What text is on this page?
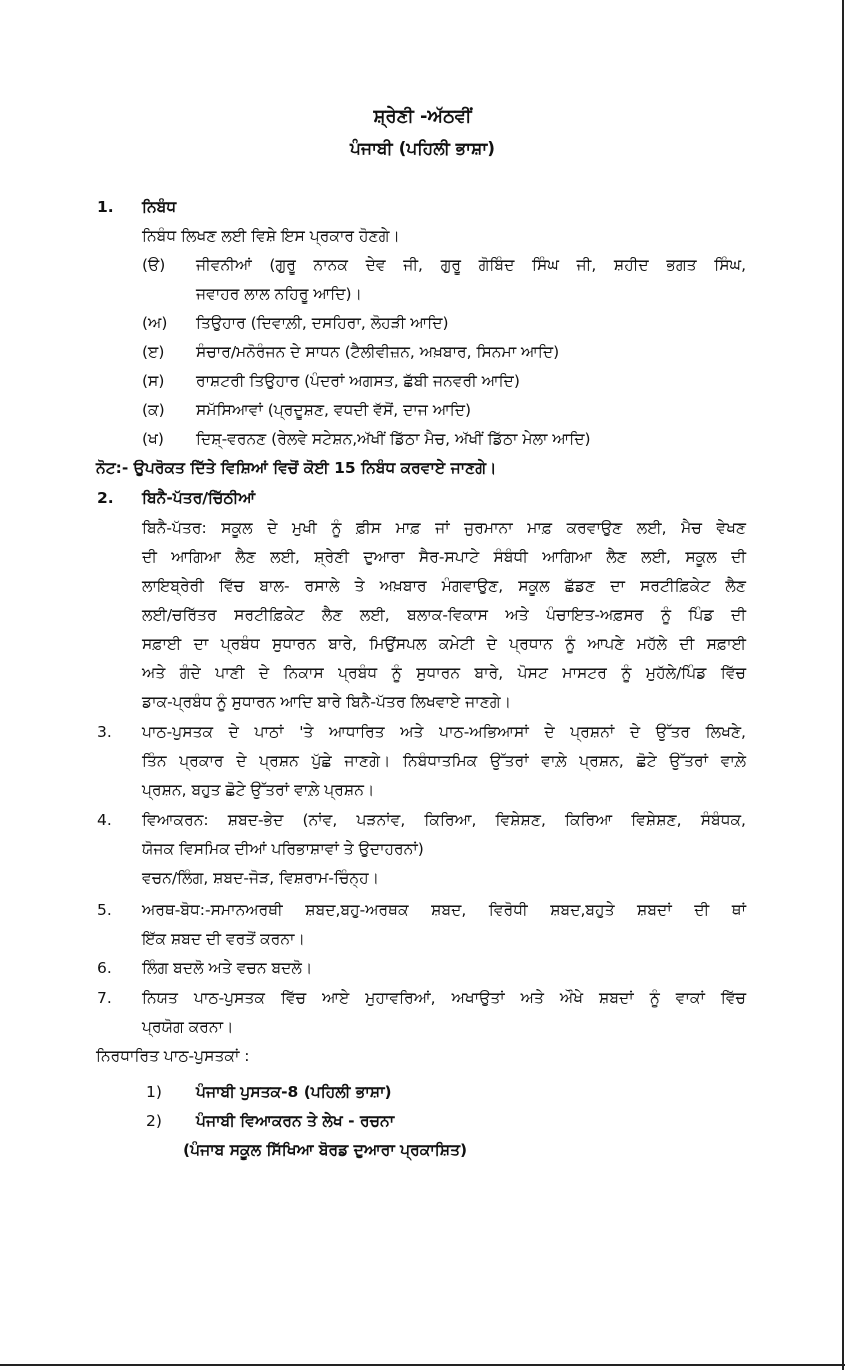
ਸ਼੍ਰੇਣੀ -ਅੱਠਵੀਂ
ਪੰਜਾਬੀ (ਪਹਿਲੀ ਭਾਸ਼ਾ)
1. ਨਿਬੰਧ
ਨਿਬੰਧ ਲਿਖਣ ਲਈ ਵਿਸ਼ੇ ਇਸ ਪ੍ਰਕਾਰ ਹੋਣਗੇ।
(ੳ) ਜੀਵਨੀਆਂ (ਗੁਰੂ ਨਾਨਕ ਦੇਵ ਜੀ, ਗੁਰੂ ਗੋਬਿੰਦ ਸਿੰਘ ਜੀ, ਸ਼ਹੀਦ ਭਗਤ ਸਿੰਘ,
ਜਵਾਹਰ ਲਾਲ ਨਹਿਰੂ ਆਦਿ)।
(ਅ) ਤਿਉਹਾਰ (ਦਿਵਾਲ਼ੀ, ਦਸਹਿਰਾ, ਲੋਹੜੀ ਆਦਿ)
(ੲ) ਸੰਚਾਰ/ਮਨੋਰੰਜਨ ਦੇ ਸਾਧਨ (ਟੈਲੀਵੀਜ਼ਨ, ਅਖ਼ਬਾਰ, ਸਿਨਮਾ ਆਦਿ)
(ਸ) ਰਾਸ਼ਟਰੀ ਤਿਉਹਾਰ (ਪੰਦਰਾਂ ਅਗਸਤ, ਛੱਬੀ ਜਨਵਰੀ ਆਦਿ)
(ਕ) ਸਮੱਸਿਆਵਾਂ (ਪ੍ਰਦੂਸ਼ਣ, ਵਧਦੀ ਵੱਸੋਂ, ਦਾਜ ਆਦਿ)
(ਖ) ਦਿਸ਼੍-ਵਰਨਣ (ਰੇਲਵੇ ਸਟੇਸ਼ਨ,ਅੱਖੀਂ ਡਿੱਠਾ ਮੈਚ, ਅੱਖੀਂ ਡਿੱਠਾ ਮੇਲਾ ਆਦਿ)
ਨੋਟ:- ਉਪਰੋਕਤ ਦਿੱਤੇ ਵਿਸ਼ਿਆਂ ਵਿਚੋਂ ਕੋਈ 15 ਨਿਬੰਧ ਕਰਵਾਏ ਜਾਣਗੇ।
2. ਬਿਨੈ-ਪੱਤਰ/ਚਿੱਠੀਆਂ
ਬਿਨੈ-ਪੱਤਰ: ਸਕੂਲ ਦੇ ਮੁਖੀ ਨੂੰ ਫ਼ੀਸ ਮਾਫ਼ ਜਾਂ ਜੁਰਮਾਨਾ ਮਾਫ਼ ਕਰਵਾਉਣ ਲਈ, ਮੈਚ ਵੇਖਣ
ਦੀ ਆਗਿਆ ਲੈਣ ਲਈ, ਸ਼੍ਰੇਣੀ ਦੁਆਰਾ ਸੈਰ-ਸਪਾਟੇ ਸੰਬੰਧੀ ਆਗਿਆ ਲੈਣ ਲਈ, ਸਕੂਲ ਦੀ
ਲਾਇਬ੍ਰੇਰੀ ਵਿੱਚ ਬਾਲ- ਰਸਾਲੇ ਤੇ ਅਖ਼ਬਾਰ ਮੰਗਵਾਉਣ, ਸਕੂਲ ਛੱਡਣ ਦਾ ਸਰਟੀਫ਼ਿਕੇਟ ਲੈਣ
ਲਈ/ਚਰਿੱਤਰ ਸਰਟੀਫ਼ਿਕੇਟ ਲੈਣ ਲਈ, ਬਲਾਕ-ਵਿਕਾਸ ਅਤੇ ਪੰਚਾਇਤ-ਅਫ਼ਸਰ ਨੂੰ ਪਿੰਡ ਦੀ
ਸਫ਼ਾਈ ਦਾ ਪ੍ਰਬੰਧ ਸੁਧਾਰਨ ਬਾਰੇ, ਮਿਉਂਸਪਲ ਕਮੇਟੀ ਦੇ ਪ੍ਰਧਾਨ ਨੂੰ ਆਪਣੇ ਮਹੱਲੇ ਦੀ ਸਫ਼ਾਈ
ਅਤੇ ਗੰਦੇ ਪਾਣੀ ਦੇ ਨਿਕਾਸ ਪ੍ਰਬੰਧ ਨੂੰ ਸੁਧਾਰਨ ਬਾਰੇ, ਪੋਸਟ ਮਾਸਟਰ ਨੂੰ ਮੁਹੱਲੇ/ਪਿੰਡ ਵਿੱਚ
ਡਾਕ-ਪ੍ਰਬੰਧ ਨੂੰ ਸੁਧਾਰਨ ਆਦਿ ਬਾਰੇ ਬਿਨੈ-ਪੱਤਰ ਲਿਖਵਾਏ ਜਾਣਗੇ।
3. ਪਾਠ-ਪੁਸਤਕ ਦੇ ਪਾਠਾਂ 'ਤੇ ਆਧਾਰਿਤ ਅਤੇ ਪਾਠ-ਅਭਿਆਸਾਂ ਦੇ ਪ੍ਰਸ਼ਨਾਂ ਦੇ ਉੱਤਰ ਲਿਖਣੇ,
ਤਿੰਨ ਪ੍ਰਕਾਰ ਦੇ ਪ੍ਰਸ਼ਨ ਪੁੱਛੇ ਜਾਣਗੇ। ਨਿਬੰਧਾਤਮਿਕ ਉੱਤਰਾਂ ਵਾਲ਼ੇ ਪ੍ਰਸ਼ਨ, ਛੋਟੇ ਉੱਤਰਾਂ ਵਾਲ਼ੇ
ਪ੍ਰਸ਼ਨ, ਬਹੁਤ ਛੋਟੇ ਉੱਤਰਾਂ ਵਾਲ਼ੇ ਪ੍ਰਸ਼ਨ।
4. ਵਿਆਕਰਨ: ਸ਼ਬਦ-ਭੇਦ (ਨਾਂਵ, ਪੜਨਾਂਵ, ਕਿਰਿਆ, ਵਿਸ਼ੇਸ਼ਣ, ਕਿਰਿਆ ਵਿਸ਼ੇਸ਼ਣ, ਸੰਬੰਧਕ,
ਯੋਜਕ ਵਿਸਮਿਕ ਦੀਆਂ ਪਰਿਭਾਸ਼ਾਵਾਂ ਤੇ ਉਦਾਹਰਨਾਂ)
ਵਚਨ/ਲਿੰਗ, ਸ਼ਬਦ-ਜੋੜ, ਵਿਸ਼ਰਾਮ-ਚਿੰਨ੍ਹ।
5. ਅਰਥ-ਬੋਧ:-ਸਮਾਨਅਰਥੀ ਸ਼ਬਦ,ਬਹੁ-ਅਰਥਕ ਸ਼ਬਦ, ਵਿਰੋਧੀ ਸ਼ਬਦ,ਬਹੁਤੇ ਸ਼ਬਦਾਂ ਦੀ ਥਾਂ
ਇੱਕ ਸ਼ਬਦ ਦੀ ਵਰਤੋਂ ਕਰਨਾ।
6. ਲਿੰਗ ਬਦਲੋ ਅਤੇ ਵਚਨ ਬਦਲੋ।
7. ਨਿਯਤ ਪਾਠ-ਪੁਸਤਕ ਵਿੱਚ ਆਏ ਮੁਹਾਵਰਿਆਂ, ਅਖਾਉਤਾਂ ਅਤੇ ਔਖੇ ਸ਼ਬਦਾਂ ਨੂੰ ਵਾਕਾਂ ਵਿੱਚ
ਪ੍ਰਯੋਗ ਕਰਨਾ।
ਨਿਰਧਾਰਿਤ ਪਾਠ-ਪੁਸਤਕਾਂ :
1) ਪੰਜਾਬੀ ਪੁਸਤਕ-8 (ਪਹਿਲੀ ਭਾਸ਼ਾ)
2) ਪੰਜਾਬੀ ਵਿਆਕਰਨ ਤੇ ਲੇਖ - ਰਚਨਾ
(ਪੰਜਾਬ ਸਕੂਲ ਸਿੱਖਿਆ ਬੋਰਡ ਦੁਆਰਾ ਪ੍ਰਕਾਸ਼ਿਤ)
